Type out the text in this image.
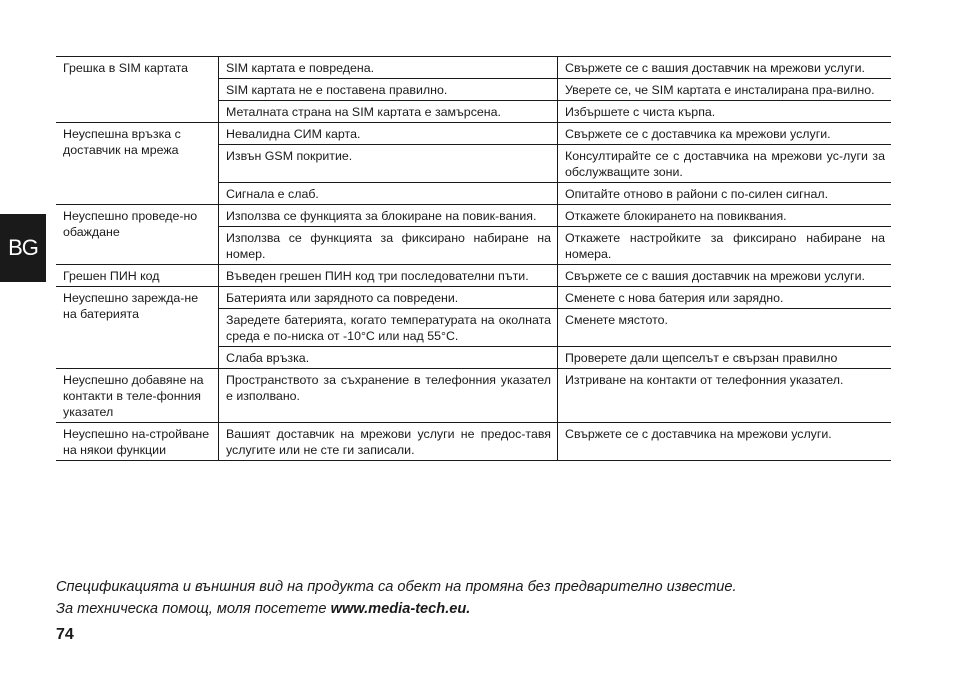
BG
Грешка в SIM картата	SIM картата е повредена.	Свържете се с вашия доставчик на мрежови услуги.
	SIM картата не е поставена правилно.	Уверете се, че SIM картата е инсталирана пра-вилно.
	Металната страна на SIM картата е замърсена.	Избършете с чиста кърпа.
Неуспешна връзка с доставчик на мрежа	Невалидна СИМ карта.	Свържете се с доставчика ка мрежови услуги.
	Извън GSM покритие.	Консултирайте се с доставчика на мрежови ус-луги за обслужващите зони.
	Сигнала е слаб.	Опитайте отново в райони с по-силен сигнал.
Неуспешно проведе-но обаждане	Използва се функцията за блокиране на повик-вания.	Откажете блокирането на повиквания.
	Използва се функцията за фиксирано набиране на номер.	Откажете настройките за фиксирано набиране на номера.
Грешен ПИН код	Въведен грешен ПИН код три последователни пъти.	Свържете се с вашия доставчик на мрежови услуги.
Неуспешно зарежда-не на батерията	Батерията или зарядното са повредени.	Сменете с нова батерия или зарядно.
	Заредете батерията, когато температурата на околната среда е по-ниска от -10°C или над 55°C.	Сменете мястото.
	Слаба връзка.	Проверете дали щепселът е свързан правилно
Неуспешно добавяне на контакти в теле-фонния указател	Пространството за съхранение в телефонния указател е изполвано.	Изтриване на контакти от телефонния указател.
Неуспешно на-стройване на някои функции	Вашият доставчик на мрежови услуги не предос-тавя услугите или не сте ги записали.	Свържете се с доставчика на мрежови услуги.
Спецификацията и външния вид на продукта са обект на промяна без предварително известие.
За техническа помощ, моля посетете www.media-tech.eu.
74
